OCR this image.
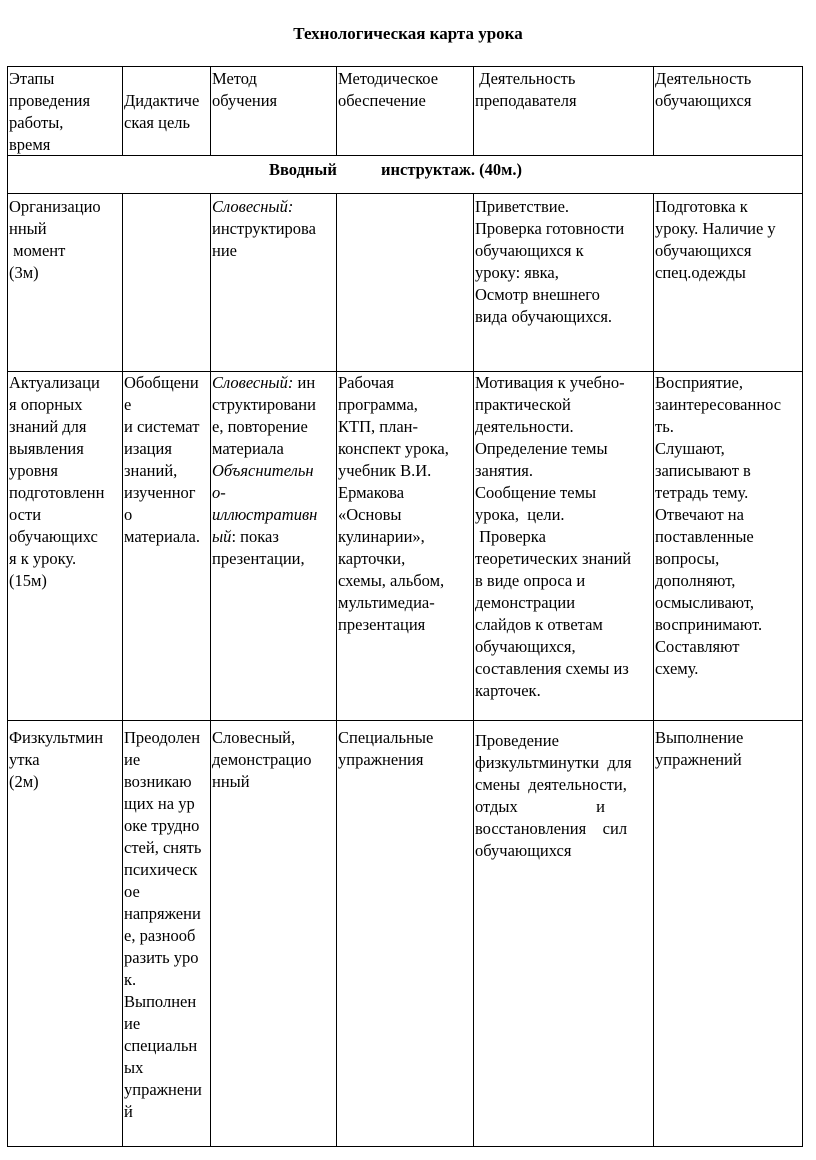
Технологическая карта урока
Этапы
проведения
работы,
время
Дидактиче
ская цель
Метод
обучения
Методическое
обеспечение
Деятельность
преподавателя
Деятельность
обучающихся
Вводный	инструктаж. (40м.)
Организацио
нный
момент
(3м)
Словесный:
инструктирова
ние
Приветствие.
Проверка готовности
обучающихся к
уроку: явка,
Осмотр внешнего
вида обучающихся.
Подготовка к
уроку. Наличие у
обучающихся
спец.одежды
Актуализаци
я опорных
знаний для
выявления
уровня
подготовленн
ости
обучающихс
я к уроку.
(15м)
Обобщени
е
и системат
изация
знаний,
изученног
о
материала.
Словесный: ин
структировани
е, повторение
материала
Объяснительн
о-
иллюстративн
ый: показ
презентации,
Рабочая
программа,
КТП, план-
конспект урока,
учебник В.И.
Ермакова
«Основы
кулинарии»,
карточки,
схемы, альбом,
мультимедиа-
презентация
Мотивация к учебно-
практической
деятельности.
Определение темы
занятия.
Сообщение темы
урока,  цели.
Проверка
теоретических знаний
в виде опроса и
демонстрации
слайдов к ответам
обучающихся,
составления схемы из
карточек.
Восприятие,
заинтересованнос
ть.
Слушают,
записывают в
тетрадь тему.
Отвечают на
поставленные
вопросы,
дополняют,
осмысливают,
воспринимают.
Составляют
схему.
Физкультмин
утка
(2м)
Преодолен
ие
возникаю
щих на ур
оке трудно
стей, снять
психическ
ое
напряжени
е, разнооб
разить уро
к.
Выполнен
ие
специальн
ых
упражнени
й
Словесный,
демонстрацио
нный
Специальные
упражнения
Проведение
физкультминутки  для
смены  деятельности,
отдых                   и
восстановления    сил
обучающихся
Выполнение
упражнений
